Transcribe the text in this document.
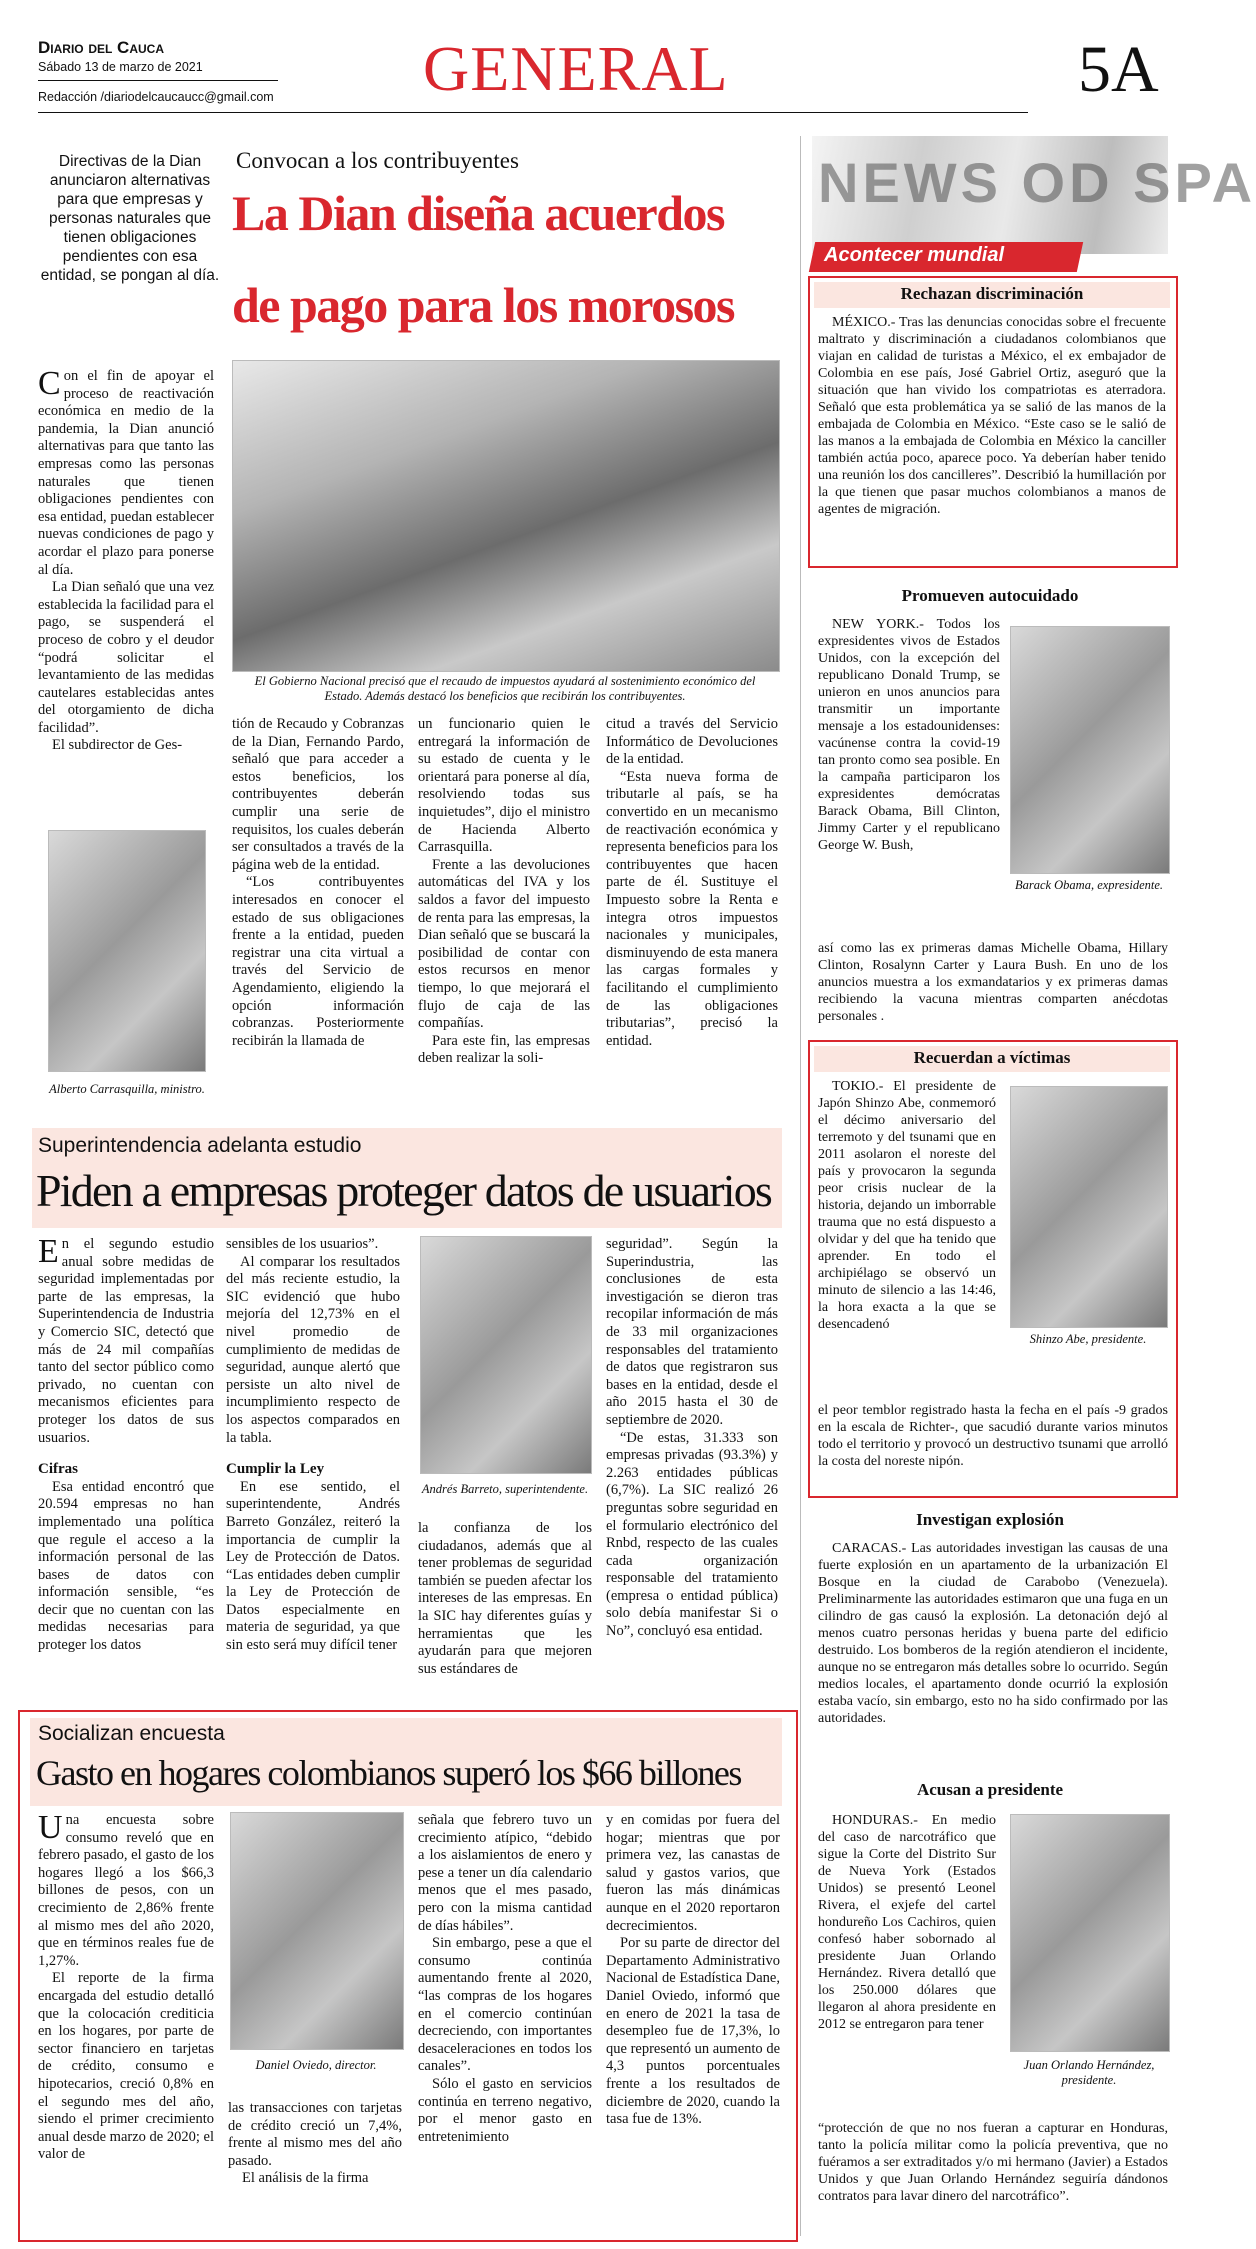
Diario del Cauca
Sábado 13 de marzo de 2021
Redacción /diariodelcaucaucc@gmail.com GENERAL	5A
Directivas de la Dian anunciaron alternativas para que empresas y personas naturales que tienen obligaciones pendientes con esa entidad, se pongan al día.
Convocan a los contribuyentes
La Dian diseña acuerdos
de pago para los morosos
El Gobierno Nacional precisó que el recaudo de impuestos ayudará al sostenimiento económico del Estado. Además destacó los beneficios que recibirán los contribuyentes.
C on el fin de apoyar el proceso de reactivación económica en medio de la pandemia, la Dian anunció alternativas para que tanto las empresas como las personas naturales que tienen obligaciones pendientes con esa entidad, puedan establecer nuevas condiciones de pago y acordar el plazo para ponerse al día.

La Dian señaló que una vez establecida la facilidad para el pago, se suspenderá el proceso de cobro y el deudor “podrá solicitar el levantamiento de las medidas cautelares establecidas antes del otorgamiento de dicha facilidad”.

El subdirector de Ges-

Alberto Carrasquilla, ministro.

tión de Recaudo y Cobranzas de la Dian, Fernando Pardo, señaló que para acceder a estos beneficios, los contribuyentes deberán cumplir una serie de requisitos, los cuales deberán ser consultados a través de la página web de la entidad.

“Los contribuyentes interesados en conocer el estado de sus obligaciones frente a la entidad, pueden registrar una cita virtual a través del Servicio de Agendamiento, eligiendo la opción información cobranzas. Posteriormente recibirán la llamada de

un funcionario quien le entregará la información de su estado de cuenta y le orientará para ponerse al día, resolviendo todas sus inquietudes”, dijo el ministro de Hacienda Alberto Carrasquilla.

Frente a las devoluciones automáticas del IVA y los saldos a favor del impuesto de renta para las empresas, la Dian señaló que se buscará la posibilidad de contar con estos recursos en menor tiempo, lo que mejorará el flujo de caja de las compañías.

Para este fin, las empresas deben realizar la soli-

citud a través del Servicio Informático de Devoluciones de la entidad.

“Esta nueva forma de tributarle al país, se ha convertido en un mecanismo de reactivación económica y representa beneficios para los contribuyentes que hacen parte de él. Sustituye el Impuesto sobre la Renta e integra otros impuestos nacionales y municipales, disminuyendo de esta manera las cargas formales y facilitando el cumplimiento de las obligaciones tributarias”, precisó la entidad.

Superintendencia adelanta estudio
Piden a empresas proteger datos de usuarios
E n el segundo estudio anual sobre medidas de seguridad implementadas por parte de las empresas, la Superintendencia de Industria y Comercio SIC, detectó que más de 24 mil compañías tanto del sector público como privado, no cuentan con mecanismos eficientes para proteger los datos de sus usuarios.
Cifras

Esa entidad encontró que 20.594 empresas no han implementado una política que regule el acceso a la información personal de las bases de datos con información sensible, “es decir que no cuentan con las medidas necesarias para proteger los datos

sensibles de los usuarios”.

Al comparar los resultados del más reciente estudio, la SIC evidenció que hubo mejoría del 12,73% en el nivel promedio de cumplimiento de medidas de seguridad, aunque alertó que persiste un alto nivel de incumplimiento respecto de los aspectos comparados en la tabla.

Cumplir la Ley

En ese sentido, el superintendente, Andrés Barreto González, reiteró la importancia de cumplir la Ley de Protección de Datos. “Las entidades deben cumplir la Ley de Protección de Datos especialmente en materia de seguridad, ya que sin esto será muy difícil tener

Andrés Barreto, superintendente.

la confianza de los ciudadanos, además que al tener problemas de seguridad también se pueden afectar los intereses de las empresas. En la SIC hay diferentes guías y herramientas que les ayudarán para que mejoren sus estándares de

seguridad”. Según la Superindustria, las conclusiones de esta investigación se dieron tras recopilar información de más de 33 mil organizaciones responsables del tratamiento de datos que registraron sus bases en la entidad, desde el año 2015 hasta el 30 de septiembre de 2020.

“De estas, 31.333 son empresas privadas (93.3%) y 2.263 entidades públicas (6,7%). La SIC realizó 26 preguntas sobre seguridad en el formulario electrónico del Rnbd, respecto de las cuales cada organización responsable del tratamiento (empresa o entidad pública) solo debía manifestar Si o No”, concluyó esa entidad.

Socializan encuesta
Gasto en hogares colombianos superó los $66 billones
U na encuesta sobre consumo reveló que en febrero pasado, el gasto de los hogares llegó a los $66,3 billones de pesos, con un crecimiento de 2,86% frente al mismo mes del año 2020, que en términos reales fue de 1,27%.

El reporte de la firma encargada del estudio detalló que la colocación crediticia en los hogares, por parte de sector financiero en tarjetas de crédito, consumo e hipotecarios, creció 0,8% en el segundo mes del año, siendo el primer crecimiento anual desde marzo de 2020; el valor de

Daniel Oviedo, director.

las transacciones con tarjetas de crédito creció un 7,4%, frente al mismo mes del año pasado.

El análisis de la firma

señala que febrero tuvo un crecimiento atípico, “debido a los aislamientos de enero y pese a tener un día calendario menos que el mes pasado, pero con la misma cantidad de días hábiles”.

Sin embargo, pese a que el consumo continúa aumentando frente al 2020, “las compras de los hogares en el comercio continúan decreciendo, con importantes desaceleraciones en todos los canales”.

Sólo el gasto en servicios continúa en terreno negativo, por el menor gasto en entretenimiento

y en comidas por fuera del hogar; mientras que por primera vez, las canastas de salud y gastos varios, que fueron las más dinámicas aunque en el 2020 reportaron decrecimientos.

Por su parte de director del Departamento Administrativo Nacional de Estadística Dane, Daniel Oviedo, informó que en enero de 2021 la tasa de desempleo fue de 17,3%, lo que representó un aumento de 4,3 puntos porcentuales frente a los resultados de diciembre de 2020, cuando la tasa fue de 13%.

NEWS OD SPA
Acontecer mundial
Rechazan discriminación

MÉXICO.- Tras las denuncias conocidas sobre el frecuente maltrato y discriminación a ciudadanos colombianos que viajan en calidad de turistas a México, el ex embajador de Colombia en ese país, José Gabriel Ortiz, aseguró que la situación que han vivido los compatriotas es aterradora. Señaló que esta problemática ya se salió de las manos de la embajada de Colombia en México. “Este caso se le salió de las manos a la embajada de Colombia en México la canciller también actúa poco, aparece poco. Ya deberían haber tenido una reunión los dos cancilleres”. Describió la humillación por la que tienen que pasar muchos colombianos a manos de agentes de migración.

Promueven autocuidado

NEW YORK.- Todos los expresidentes vivos de Estados Unidos, con la excepción del republicano Donald Trump, se unieron en unos anuncios para transmitir un importante mensaje a los estadounidenses: vacúnense contra la covid-19 tan pronto como sea posible. En la campaña participaron los expresidentes demócratas Barack Obama, Bill Clinton, Jimmy Carter y el republicano George W. Bush,

Barack Obama, expresidente.

así como las ex primeras damas Michelle Obama, Hillary Clinton, Rosalynn Carter y Laura Bush. En uno de los anuncios muestra a los exmandatarios y ex primeras damas recibiendo la vacuna mientras comparten anécdotas personales .

Recuerdan a víctimas

TOKIO.- El presidente de Japón Shinzo Abe, conmemoró el décimo aniversario del terremoto y del tsunami que en 2011 asolaron el noreste del país y provocaron la segunda peor crisis nuclear de la historia, dejando un imborrable trauma que no está dispuesto a olvidar y del que ha tenido que aprender. En todo el archipiélago se observó un minuto de silencio a las 14:46, la hora exacta a la que se desencadenó

Shinzo Abe, presidente.

el peor temblor registrado hasta la fecha en el país -9 grados en la escala de Richter-, que sacudió durante varios minutos todo el territorio y provocó un destructivo tsunami que arrolló la costa del noreste nipón.

Investigan explosión

CARACAS.- Las autoridades investigan las causas de una fuerte explosión en un apartamento de la urbanización El Bosque en la ciudad de Carabobo (Venezuela). Preliminarmente las autoridades estimaron que una fuga en un cilindro de gas causó la explosión. La detonación dejó al menos cuatro personas heridas y buena parte del edificio destruido. Los bomberos de la región atendieron el incidente, aunque no se entregaron más detalles sobre lo ocurrido. Según medios locales, el apartamento donde ocurrió la explosión estaba vacío, sin embargo, esto no ha sido confirmado por las autoridades.

Acusan a presidente

HONDURAS.- En medio del caso de narcotráfico que sigue la Corte del Distrito Sur de Nueva York (Estados Unidos) se presentó Leonel Rivera, el exjefe del cartel hondureño Los Cachiros, quien confesó haber sobornado al presidente Juan Orlando Hernández. Rivera detalló que los 250.000 dólares que llegaron al ahora presidente en 2012 se entregaron para tener

Juan Orlando Hernández, presidente.

“protección de que no nos fueran a capturar en Honduras, tanto la policía militar como la policía preventiva, que no fuéramos a ser extraditados y/o mi hermano (Javier) a Estados Unidos y que Juan Orlando Hernández seguiría dándonos contratos para lavar dinero del narcotráfico”.
